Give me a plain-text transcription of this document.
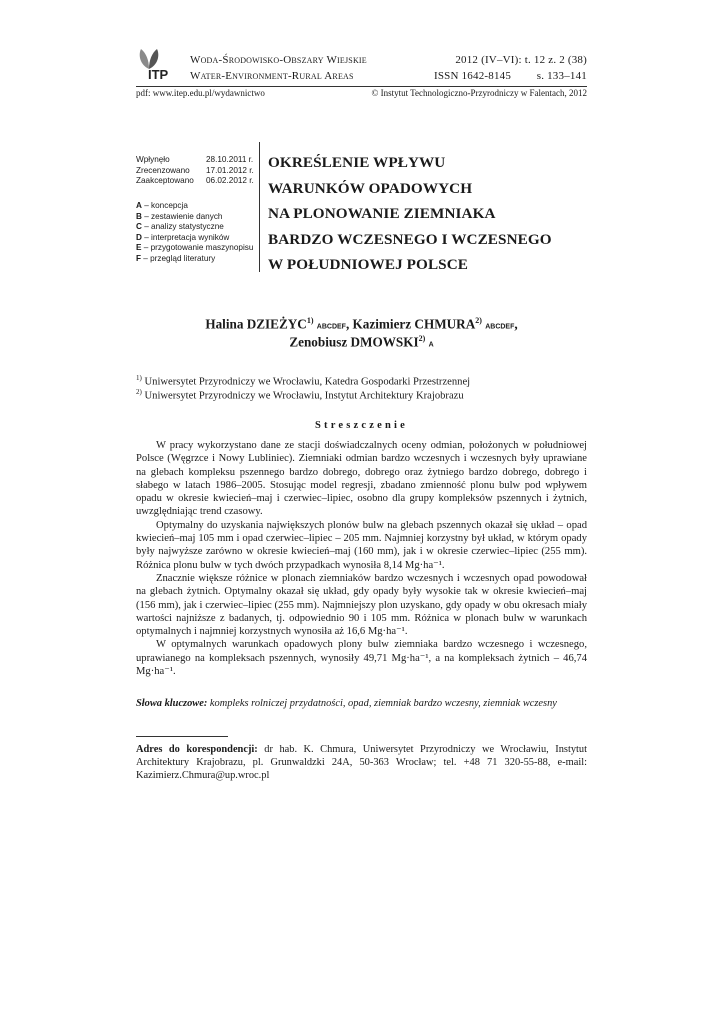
ITP
Woda-Środowisko-Obszary Wiejskie
Water-Environment-Rural Areas
2012 (IV–VI): t. 12 z. 2 (38)
ISSN 1642-8145	s. 133–141
pdf: www.itep.edu.pl/wydawnictwo	© Instytut Technologiczno-Przyrodniczy w Falentach, 2012
Wpłynęło	28.10.2011 r.
Zrecenzowano 17.01.2012 r.
Zaakceptowano 06.02.2012 r.
A – koncepcja
B – zestawienie danych
C – analizy statystyczne
D – interpretacja wyników
E – przygotowanie maszynopisu
F – przegląd literatury
OKREŚLENIE WPŁYWU
WARUNKÓW OPADOWYCH
NA PLONOWANIE ZIEMNIAKA
BARDZO WCZESNEGO I WCZESNEGO
W POŁUDNIOWEJ POLSCE
Halina DZIEŻYC$^{1)}$ ABCDEF, Kazimierz CHMURA$^{2)}$ ABCDEF,
Zenobiusz DMOWSKI$^{2)}$ A
$^{1)}$ Uniwersytet Przyrodniczy we Wrocławiu, Katedra Gospodarki Przestrzennej
$^{2)}$ Uniwersytet Przyrodniczy we Wrocławiu, Instytut Architektury Krajobrazu
Streszczenie

W pracy wykorzystano dane ze stacji doświadczalnych oceny odmian, położonych w południowej Polsce (Węgrzce i Nowy Lubliniec). Ziemniaki odmian bardzo wczesnych i wczesnych były uprawiane na glebach kompleksu pszennego bardzo dobrego, dobrego oraz żytniego bardzo dobrego, dobrego i słabego w latach 1986–2005. Stosując model regresji, zbadano zmienność plonu bulw pod wpływem opadu w okresie kwiecień–maj i czerwiec–lipiec, osobno dla grupy kompleksów pszennych i żytnich, uwzględniając trend czasowy.

Optymalny do uzyskania największych plonów bulw na glebach pszennych okazał się układ – opad kwiecień–maj 105 mm i opad czerwiec–lipiec – 205 mm. Najmniej korzystny był układ, w którym opady były najwyższe zarówno w okresie kwiecień–maj (160 mm), jak i w okresie czerwiec–lipiec (255 mm). Różnica plonu bulw w tych dwóch przypadkach wynosiła 8,14 Mg·ha⁻¹.

Znacznie większe różnice w plonach ziemniaków bardzo wczesnych i wczesnych opad powodował na glebach żytnich. Optymalny okazał się układ, gdy opady były wysokie tak w okresie kwiecień–maj (156 mm), jak i czerwiec–lipiec (255 mm). Najmniejszy plon uzyskano, gdy opady w obu okresach miały wartości najniższe z badanych, tj. odpowiednio 90 i 105 mm. Różnica w plonach bulw w warunkach optymalnych i najmniej korzystnych wynosiła aż 16,6 Mg·ha⁻¹.

W optymalnych warunkach opadowych plony bulw ziemniaka bardzo wczesnego i wczesnego, uprawianego na kompleksach pszennych, wynosiły 49,71 Mg·ha⁻¹, a na kompleksach żytnich – 46,74 Mg·ha⁻¹.

Słowa kluczowe: kompleks rolniczej przydatności, opad, ziemniak bardzo wczesny, ziemniak wczesny
Adres do korespondencji: dr hab. K. Chmura, Uniwersytet Przyrodniczy we Wrocławiu, Instytut Architektury Krajobrazu, pl. Grunwaldzki 24A, 50-363 Wrocław; tel. +48 71 320-55-88, e-mail: Kazimierz.Chmura@up.wroc.pl
